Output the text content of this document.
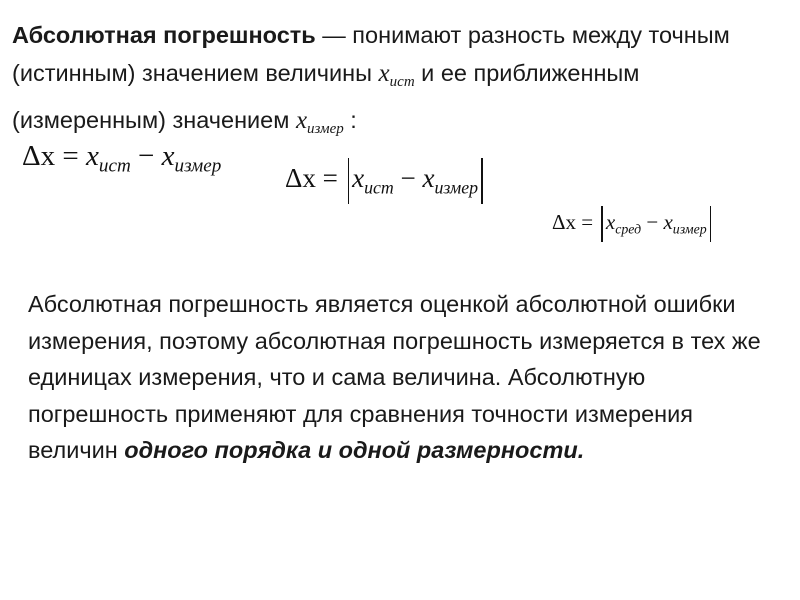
Абсолютная погрешность — понимают разность между точным (истинным) значением величины $x_{ист}$ и ее приближенным (измеренным) значением $x_{измер}$ :
$\Delta x = x_{ист} - x_{измер}$ $\Delta x = x_{ист} - x_{измер}$
$\Delta x = x_{сред} - x_{измер}$
Абсолютная погрешность является оценкой абсолютной ошибки измерения, поэтому абсолютная погрешность измеряется в тех же единицах измерения, что и сама величина. Абсолютную погрешность применяют для сравнения точности измерения величин одного порядка и одной размерности.
